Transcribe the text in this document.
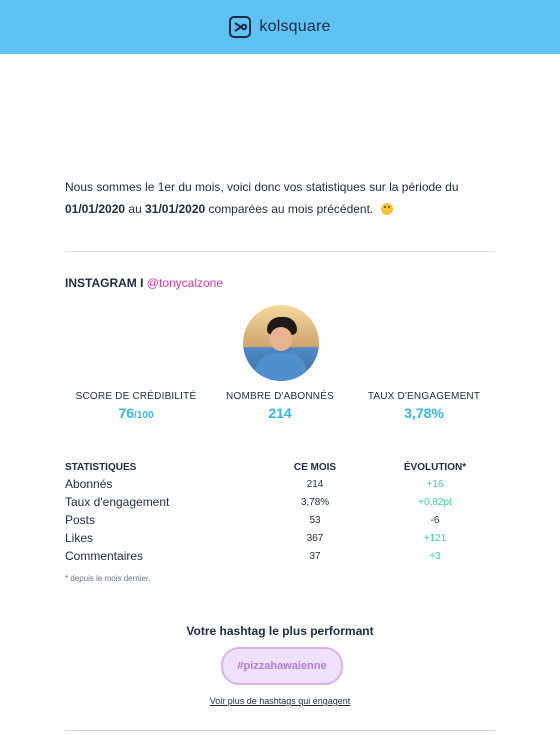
kolsquare
Nous sommes le 1er du mois, voici donc vos statistiques sur la période du
01/01/2020 au 31/01/2020 comparées au mois précédent.
INSTAGRAM I @tonycalzone
SCORE DE CRÉDIBILITÉ
76/100
NOMBRE D'ABONNÉS
214
TAUX D'ENGAGEMENT
3,78%
STATISTIQUES	CE MOIS	ÉVOLUTION*
Abonnés	214	+16
Taux d'engagement	3,78%	+0,82pt
Posts	53	-6
Likes	367	+121
Commentaires	37	+3
* depuis le mois dernier.
Votre hashtag le plus performant
#pizzahawaienne
Voir plus de hashtags qui engagent
